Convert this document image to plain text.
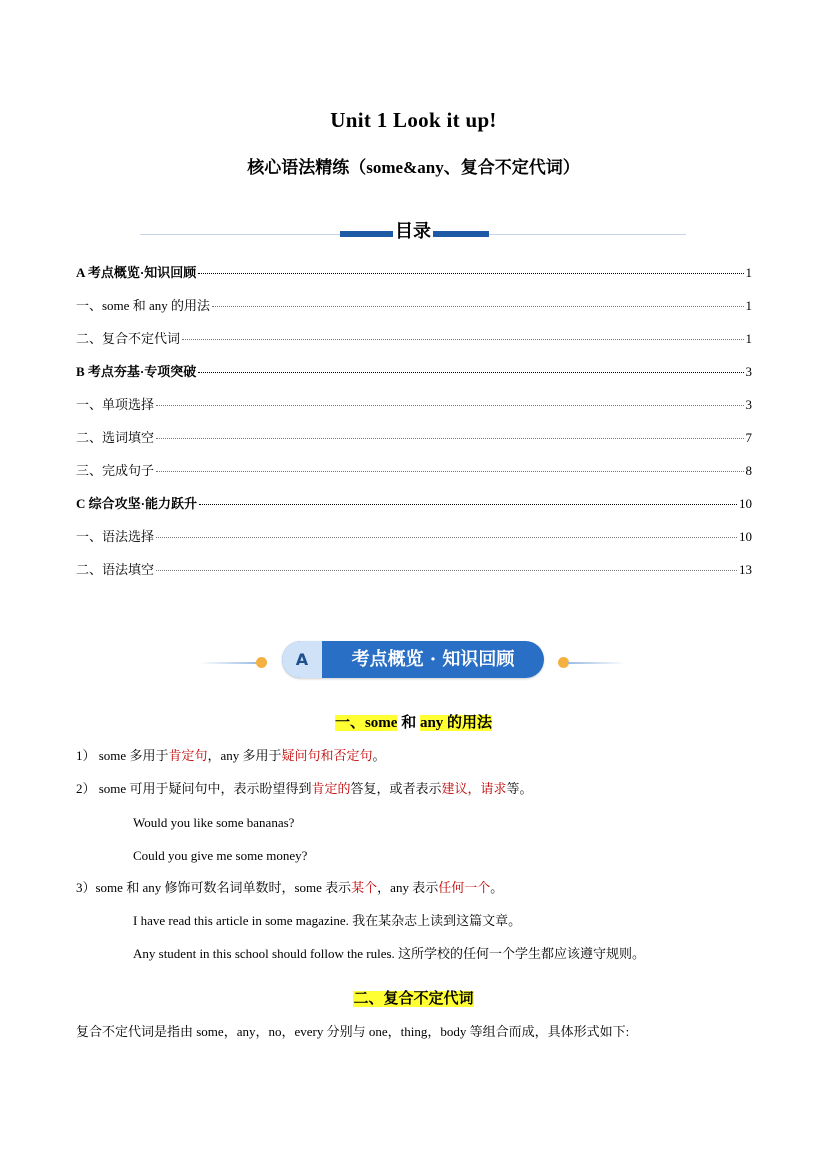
Unit 1 Look it up!
核心语法精练（some&any、复合不定代词）
目录
A 考点概览·知识回顾	1
一、some 和 any 的用法	1
二、复合不定代词	1
B 考点夯基·专项突破	3
一、单项选择	3
二、选词填空	7
三、完成句子	8
C 综合攻坚·能力跃升	10
一、语法选择	10
二、语法填空	13
A	考点概览 · 知识回顾
一、some 和 any 的用法
1） some 多用于肯定句，any 多用于疑问句和否定句。
2） some 可用于疑问句中，表示盼望得到肯定的答复，或者表示建议，请求等。
Would you like some bananas?
Could you give me some money?
3）some 和 any 修饰可数名词单数时，some 表示某个，any 表示任何一个。
I have read this article in some magazine. 我在某杂志上读到这篇文章。
Any student in this school should follow the rules. 这所学校的任何一个学生都应该遵守规则。
二、复合不定代词
复合不定代词是指由 some，any，no，every 分别与 one，thing，body 等组合而成，具体形式如下:
